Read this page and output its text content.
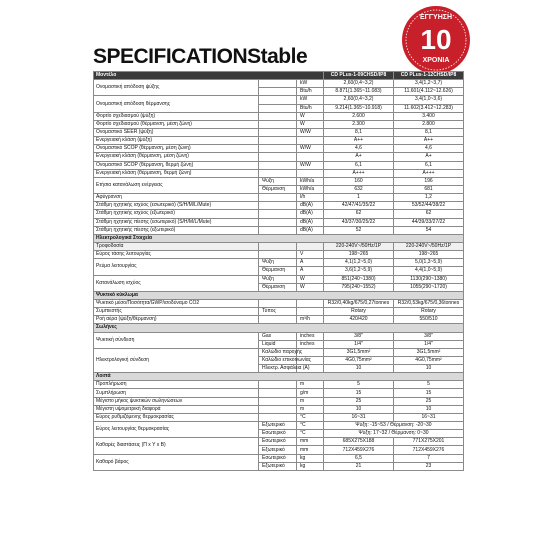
SPECIFICATIONStable
ΕΓΓΥΗΣΗ
10
ΧΡΟΝΙΑ
Μοντέλο			CD PLus-1-09CHSD/IP8	CD PLus-1-12CHSD/IP8
Ονομαστική απόδοση ψύξης		kW	2,60(0,4~3,2)	3,4(1,2~3,7)
		Btu/h	8.871(1.365~11.083)	11.601(4.112~12.626)
Ονομαστική απόδοση θέρμανσης		kW	2,60(0,4~3,2)	3,4(1,0~3,6)
		Btu/h	9.214(1.365~10.918)	11.602(3.412~12.283)
Φορτίο σχεδιασμού (ψύξη)		W	2.600	3.400
Φορτίο σχεδιασμού (θέρμανση, μέση ζώνη)		W	2.300	2.800
Ονομαστικό SEER (ψύξη)		W/W	8,1	8,1
Ενεργειακή κλάση (ψύξη)			A++	A++
Ονομαστικό SCOP (θέρμανση, μέση ζώνη)		W/W	4,6	4,6
Ενεργειακή κλάση (θέρμανση, μέση ζώνη)			A+	A+
Ονομαστικό SCOP (θέρμανση, θερμή ζώνη)		W/W	6,1	6,1
Ενεργειακή κλάση (θέρμανση, θερμή ζώνη)			A+++	A+++
Ετήσια κατανάλωση ενέργειας	Ψύξη	kWh/a	160	196
	Θέρμανση	kWh/a	632	681
Αφύγρανση		l/h	1	1,2
Στάθμη ηχητικής ισχύος (εσωτερικό) (S/H/M/L/Mute)		dB(A)	42/47/41/35/22	53/52/44/38/22
Στάθμη ηχητικής ισχύος (εξωτερικό)		dB(A)	62	62
Στάθμη ηχητικής πίεσης (εσωτερικό) (S/H/M/L/Mute)		dB(A)	43/37/30/25/22	44/39/33/27/22
Στάθμη ηχητικής πίεσης (εξωτερικό)		dB(A)	52	54
Ηλεκτρολογικά Στοιχεία				
Τροφοδοσία			220-240V~/50Hz/1P	220-240V~/50Hz/1P
Εύρος τάσης λειτουργίας		V	198~265	198~265
Ρεύμα λειτουργίας	Ψύξη	A	4,1(1,2~5,0)	5,0(1,3~5,9)
	Θέρμανση	A	3,6(1,2~5,9)	4,4(1,0~5,9)
Κατανάλωση ισχύος	Ψύξη	W	851(240~1380)	1130(290~1380)
	Θέρμανση	W	795(240~1552)	1055(290~1720)
Ψυκτικό κύκλωμα				
Ψυκτικό μέσο/Ποσότητα/GWP/ισοδύναμο CO2			R32/0,40kg/675/0,27tonnes	R32/0,53kg/675/0,36tonnes
Συμπιεστής	Τύπος		Rotary	Rotary
Ροή αέρα (ψύξη/θέρμανση)		m³/h	420/420	550/510
Σωλήνες				
Ψυκτική σύνδεση	Gas	inches	3/8"	3/8"
	Liquid	inches	1/4"	1/4"
Ηλεκτρολογική σύνδεση	Καλώδιο παροχής		3G1,5mm²	3G1,5mm²
	Καλώδιο επικοινωνίας		4G0,75mm²	4G0,75mm²
	Ηλεκτρ. Ασφάλεια (A)		10	10
Λοιπά				
Προπλήρωση		m	5	5
Συμπλήρωση		g/m	15	15
Μέγιστο μήκος ψυκτικών σωληνώσεων		m	25	25
Μέγιστη υψομετρική διαφορά		m	10	10
Εύρος ρυθμιζόμενης θερμοκρασίας		°C	16~31	16~31
Εύρος λειτουργίας θερμοκρασίας	Εξωτερικό	°C	Ψύξη: -15~53 / Θέρμανση: -20~30	
	Εσωτερικό	°C	Ψύξη: 17~32 / Θέρμανση: 0~30	
Καθαρές διαστάσεις (Π x Υ x Β)	Εσωτερικό	mm	685X275X188	771X275X201
	Εξωτερικό	mm	712X459X276	712X459X276
Καθαρό βάρος	Εσωτερικό	kg	6,5	7
	Εξωτερικό	kg	21	23
